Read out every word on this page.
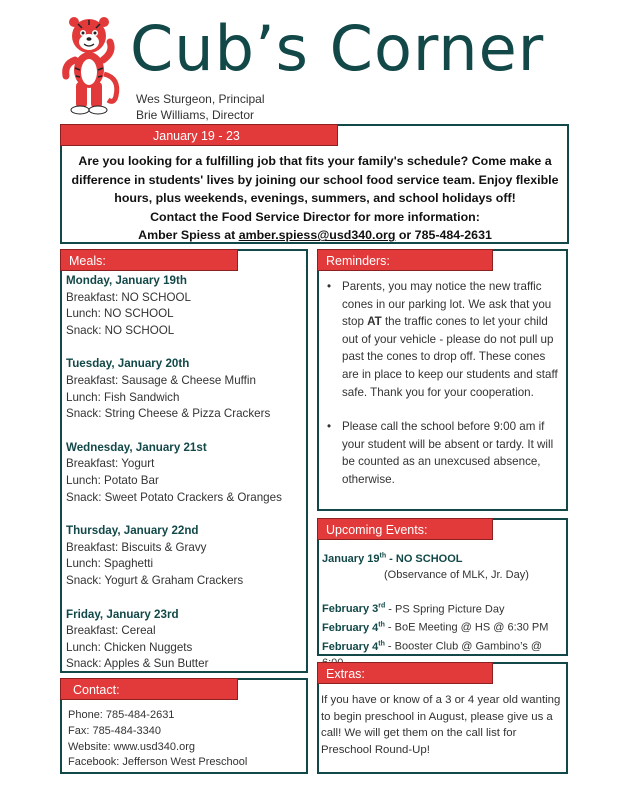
Cub’s Corner
Wes Sturgeon, Principal
Brie Williams, Director
January 19 - 23
Are you looking for a fulfilling job that fits your family's schedule? Come make a difference in students' lives by joining our school food service team. Enjoy flexible hours, plus weekends, evenings, summers, and school holidays off!
Contact the Food Service Director for more information:
Amber Spiess at amber.spiess@usd340.org or 785-484-2631
Meals:
Monday, January 19th
Breakfast: NO SCHOOL
Lunch: NO SCHOOL
Snack: NO SCHOOL
Tuesday, January 20th
Breakfast: Sausage & Cheese Muffin
Lunch: Fish Sandwich
Snack: String Cheese & Pizza Crackers
Wednesday, January 21st
Breakfast: Yogurt
Lunch: Potato Bar
Snack: Sweet Potato Crackers & Oranges
Thursday, January 22nd
Breakfast: Biscuits & Gravy
Lunch: Spaghetti
Snack: Yogurt & Graham Crackers
Friday, January 23rd
Breakfast: Cereal
Lunch: Chicken Nuggets
Snack: Apples & Sun Butter
Reminders:
• Parents, you may notice the new traffic cones in our parking lot. We ask that you stop AT the traffic cones to let your child out of your vehicle - please do not pull up past the cones to drop off. These cones are in place to keep our students and staff safe. Thank you for your cooperation.
• Please call the school before 9:00 am if your student will be absent or tardy. It will be counted as an unexcused absence, otherwise.
Upcoming Events:
January 19th - NO SCHOOL
(Observance of MLK, Jr. Day)
February 3rd - PS Spring Picture Day
February 4th - BoE Meeting @ HS @ 6:30 PM
February 4th - Booster Club @ Gambino’s @
Contact:
Phone: 785-484-2631
Fax: 785-484-3340
Website: www.usd340.org
Facebook: Jefferson West Preschool
Extras:
If you have or know of a 3 or 4 year old wanting to begin preschool in August, please give us a call! We will get them on the call list for Preschool Round-Up!
